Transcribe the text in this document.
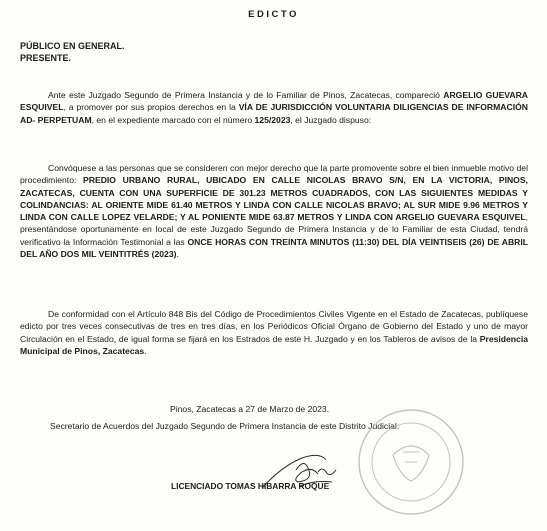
EDICTO
PÚBLICO EN GENERAL.
PRESENTE.
Ante este Juzgado Segundo de Primera Instancia y de lo Familiar de Pinos, Zacatecas, compareció ARGELIO GUEVARA ESQUIVEL, a promover por sus propios derechos en la VÍA DE JURISDICCIÓN VOLUNTARIA DILIGENCIAS DE INFORMACIÓN AD- PERPETUAM, en el expediente marcado con el número 125/2023, el Juzgado dispuso:
Convóquese a las personas que se consideren con mejor derecho que la parte promovente sobre el bien inmueble motivo del procedimiento: PREDIO URBANO RURAL, UBICADO EN CALLE NICOLAS BRAVO S/N, EN LA VICTORIA, PINOS, ZACATECAS, CUENTA CON UNA SUPERFICIE DE 301.23 METROS CUADRADOS, CON LAS SIGUIENTES MEDIDAS Y COLINDANCIAS: AL ORIENTE MIDE 61.40 METROS Y LINDA CON CALLE NICOLAS BRAVO; AL SUR MIDE 9.96 METROS Y LINDA CON CALLE LOPEZ VELARDE; Y AL PONIENTE MIDE 63.87 METROS Y LINDA CON ARGELIO GUEVARA ESQUIVEL, presentándose oportunamente en local de este Juzgado Segundo de Primera Instancia y de lo Familiar de esta Ciudad, tendrá verificativo la Información Testimonial a las ONCE HORAS CON TREINTA MINUTOS (11:30) DEL DÍA VEINTISEIS (26) DE ABRIL DEL AÑO DOS MIL VEINTITRÉS (2023).
De conformidad con el Artículo 848 Bis del Código de Procedimientos Civiles Vigente en el Estado de Zacatecas, publíquese edicto por tres veces consecutivas de tres en tres días, en los Periódicos Oficial Órgano de Gobierno del Estado y uno de mayor Circulación en el Estado, de igual forma se fijará en los Estrados de este H. Juzgado y en los Tableros de avisos de la Presidencia Municipal de Pinos, Zacatecas.
Pinos, Zacatecas a 27 de Marzo de 2023.
Secretario de Acuerdos del Juzgado Segundo de Primera Instancia de este Distrito Judicial.
LICENCIADO TOMAS HIBARRA ROQUE
